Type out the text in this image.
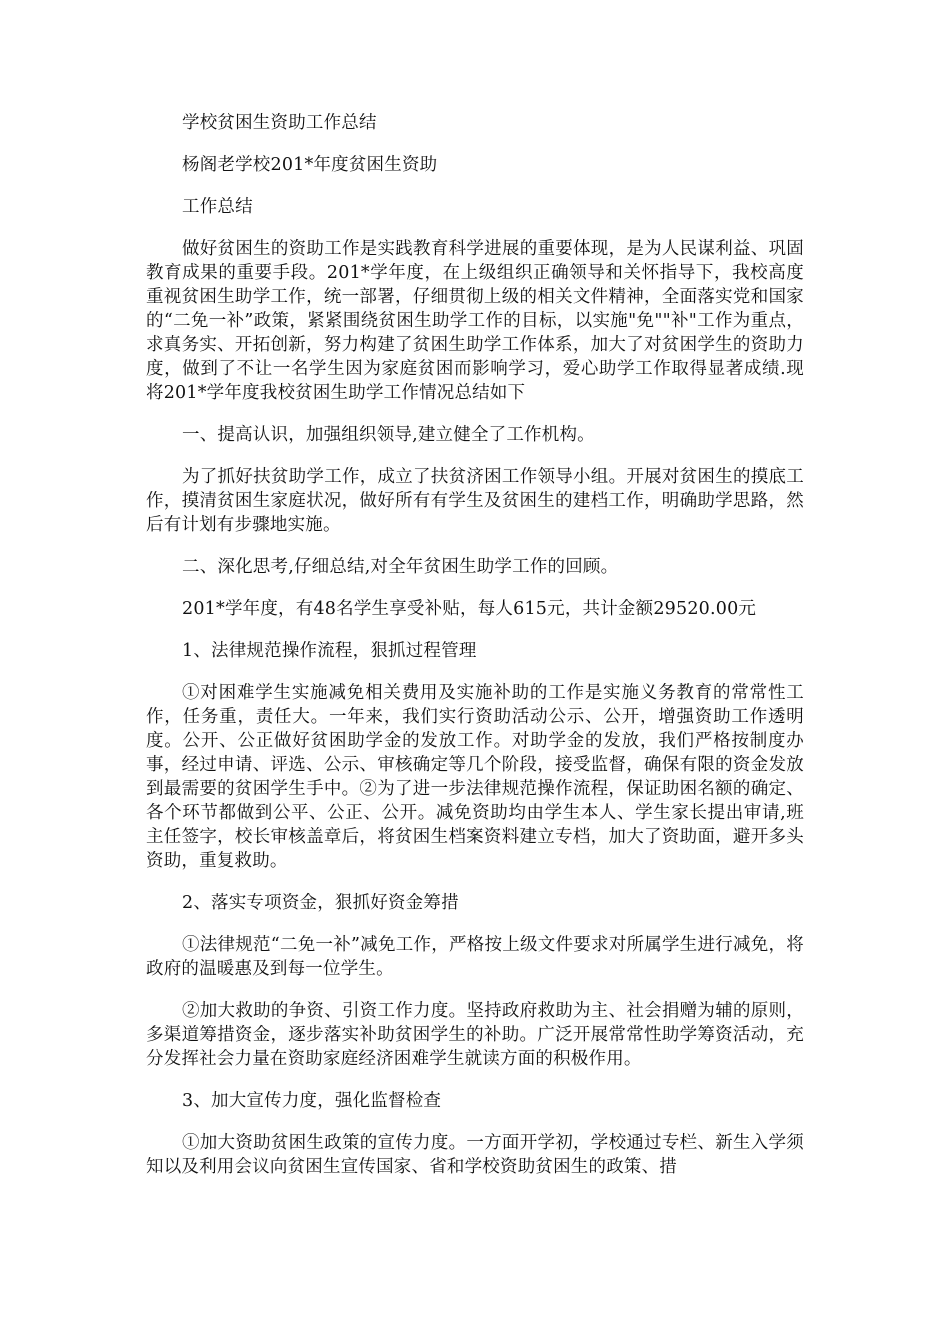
学校贫困生资助工作总结
杨阁老学校201*年度贫困生资助
工作总结
做好贫困生的资助工作是实践教育科学进展的重要体现，是为人民谋利益、巩固教育成果的重要手段。201*学年度，在上级组织正确领导和关怀指导下，我校高度重视贫困生助学工作，统一部署，仔细贯彻上级的相关文件精神，全面落实党和国家的“二免一补”政策，紧紧围绕贫困生助学工作的目标，以实施"免""补"工作为重点，求真务实、开拓创新，努力构建了贫困生助学工作体系，加大了对贫困学生的资助力度，做到了不让一名学生因为家庭贫困而影响学习，爱心助学工作取得显著成绩.现将201*学年度我校贫困生助学工作情况总结如下
一、提高认识，加强组织领导,建立健全了工作机构。
为了抓好扶贫助学工作，成立了扶贫济困工作领导小组。开展对贫困生的摸底工作，摸清贫困生家庭状况，做好所有有学生及贫困生的建档工作，明确助学思路，然后有计划有步骤地实施。
二、深化思考,仔细总结,对全年贫困生助学工作的回顾。
201*学年度，有48名学生享受补贴，每人615元，共计金额29520.00元
1、法律规范操作流程，狠抓过程管理
①对困难学生实施减免相关费用及实施补助的工作是实施义务教育的常常性工作，任务重，责任大。一年来，我们实行资助活动公示、公开，增强资助工作透明度。公开、公正做好贫困助学金的发放工作。对助学金的发放，我们严格按制度办事，经过申请、评选、公示、审核确定等几个阶段，接受监督，确保有限的资金发放到最需要的贫困学生手中。②为了进一步法律规范操作流程，保证助困名额的确定、各个环节都做到公平、公正、公开。减免资助均由学生本人、学生家长提出审请,班主任签字，校长审核盖章后，将贫困生档案资料建立专档，加大了资助面，避开多头资助，重复救助。
2、落实专项资金，狠抓好资金筹措
①法律规范“二免一补”减免工作，严格按上级文件要求对所属学生进行减免，将政府的温暖惠及到每一位学生。
②加大救助的争资、引资工作力度。坚持政府救助为主、社会捐赠为辅的原则，多渠道筹措资金，逐步落实补助贫困学生的补助。广泛开展常常性助学筹资活动，充分发挥社会力量在资助家庭经济困难学生就读方面的积极作用。
3、加大宣传力度，强化监督检查
①加大资助贫困生政策的宣传力度。一方面开学初，学校通过专栏、新生入学须知以及利用会议向贫困生宣传国家、省和学校资助贫困生的政策、措
